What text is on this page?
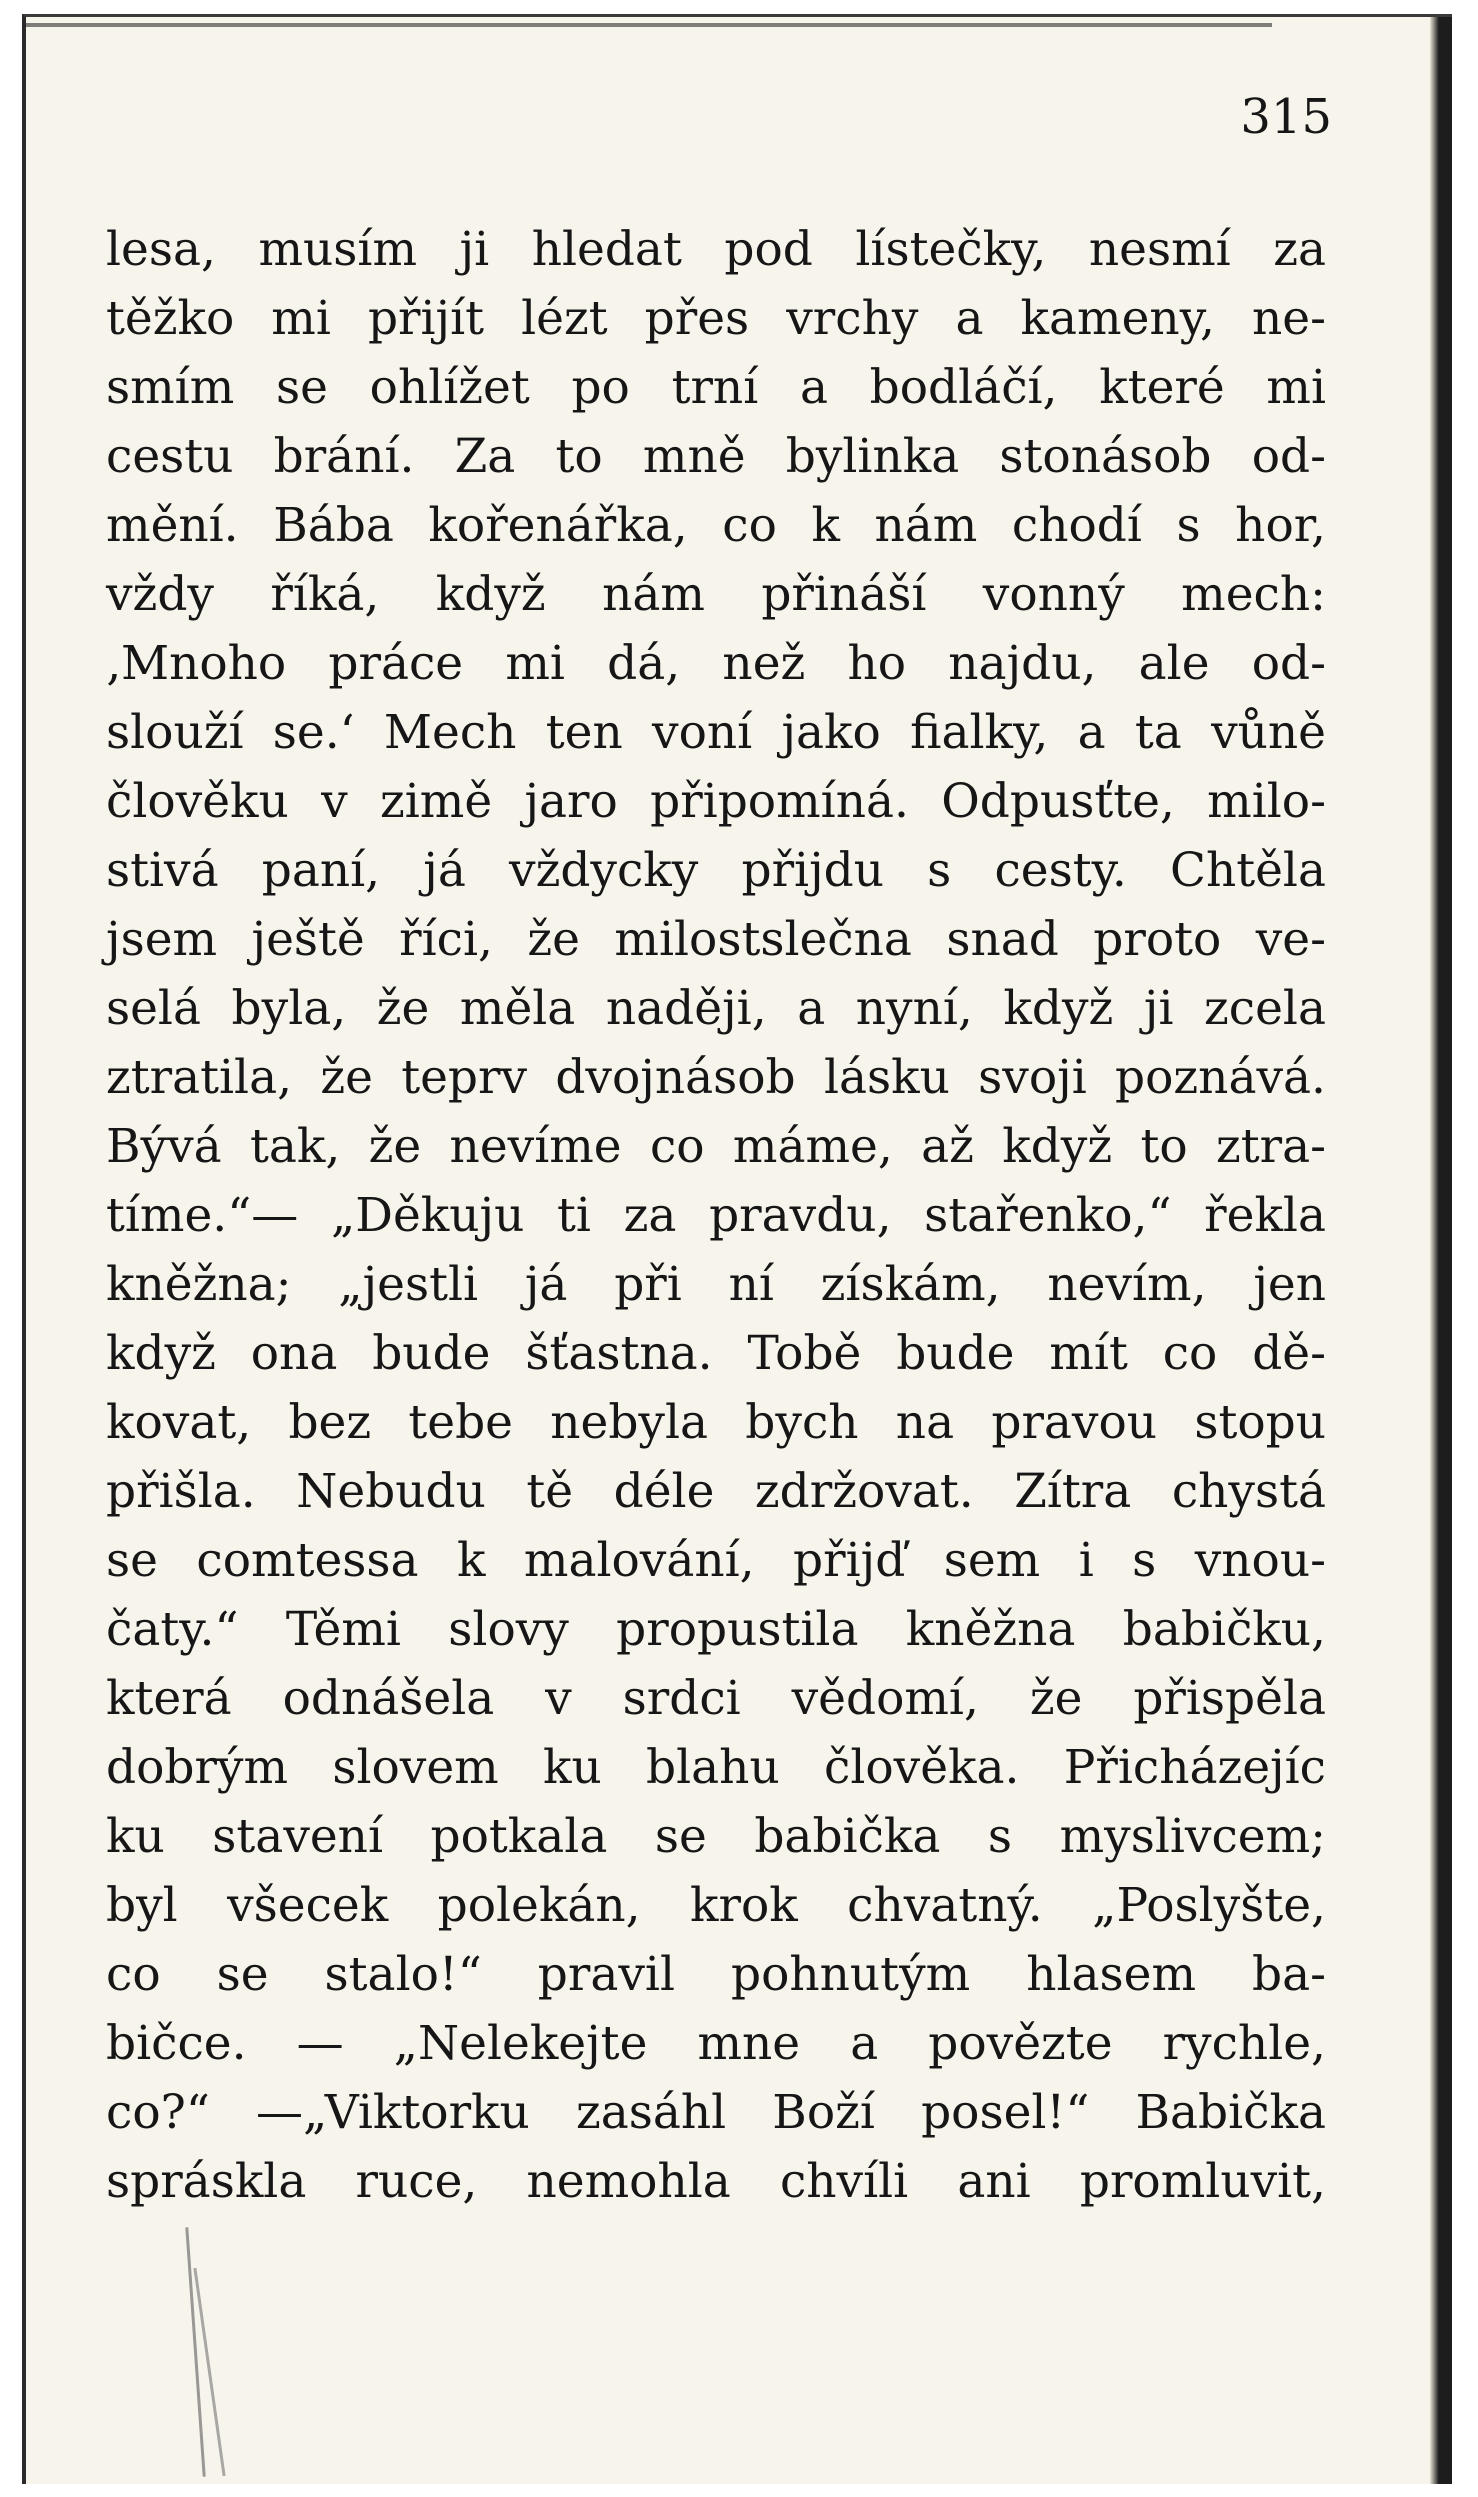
315
lesa, musím ji hledat pod lístečky, nesmí za
těžko mi přijít lézt přes vrchy a kameny, ne-
smím se ohlížet po trní a bodláčí, které mi
cestu brání. Za to mně bylinka stonásob od-
mění. Bába kořenářka, co k nám chodí s hor,
vždy říká, když nám přináší vonný mech:
‚Mnoho práce mi dá, než ho najdu, ale od-
slouží se.‘ Mech ten voní jako fialky, a ta vůně
člověku v zimě jaro připomíná. Odpusťte, milo-
stivá paní, já vždycky přijdu s cesty. Chtěla
jsem ještě říci, že milostslečna snad proto ve-
selá byla, že měla naději, a nyní, když ji zcela
ztratila, že teprv dvojnásob lásku svoji poznává.
Bývá tak, že nevíme co máme, až když to ztra-
tíme.“— „Děkuju ti za pravdu, stařenko,“ řekla
kněžna; „jestli já při ní získám, nevím, jen
když ona bude šťastna. Tobě bude mít co dě-
kovat, bez tebe nebyla bych na pravou stopu
přišla. Nebudu tě déle zdržovat. Zítra chystá
se comtessa k malování, přijď sem i s vnou-
čaty.“ Těmi slovy propustila kněžna babičku,
která odnášela v srdci vědomí, že přispěla
dobrým slovem ku blahu člověka. Přicházejíc
ku stavení potkala se babička s myslivcem;
byl všecek polekán, krok chvatný. „Poslyšte,
co se stalo!“ pravil pohnutým hlasem ba-
bičce. — „Nelekejte mne a povězte rychle,
co?“ —„Viktorku zasáhl Boží posel!“ Babička
spráskla ruce, nemohla chvíli ani promluvit,
